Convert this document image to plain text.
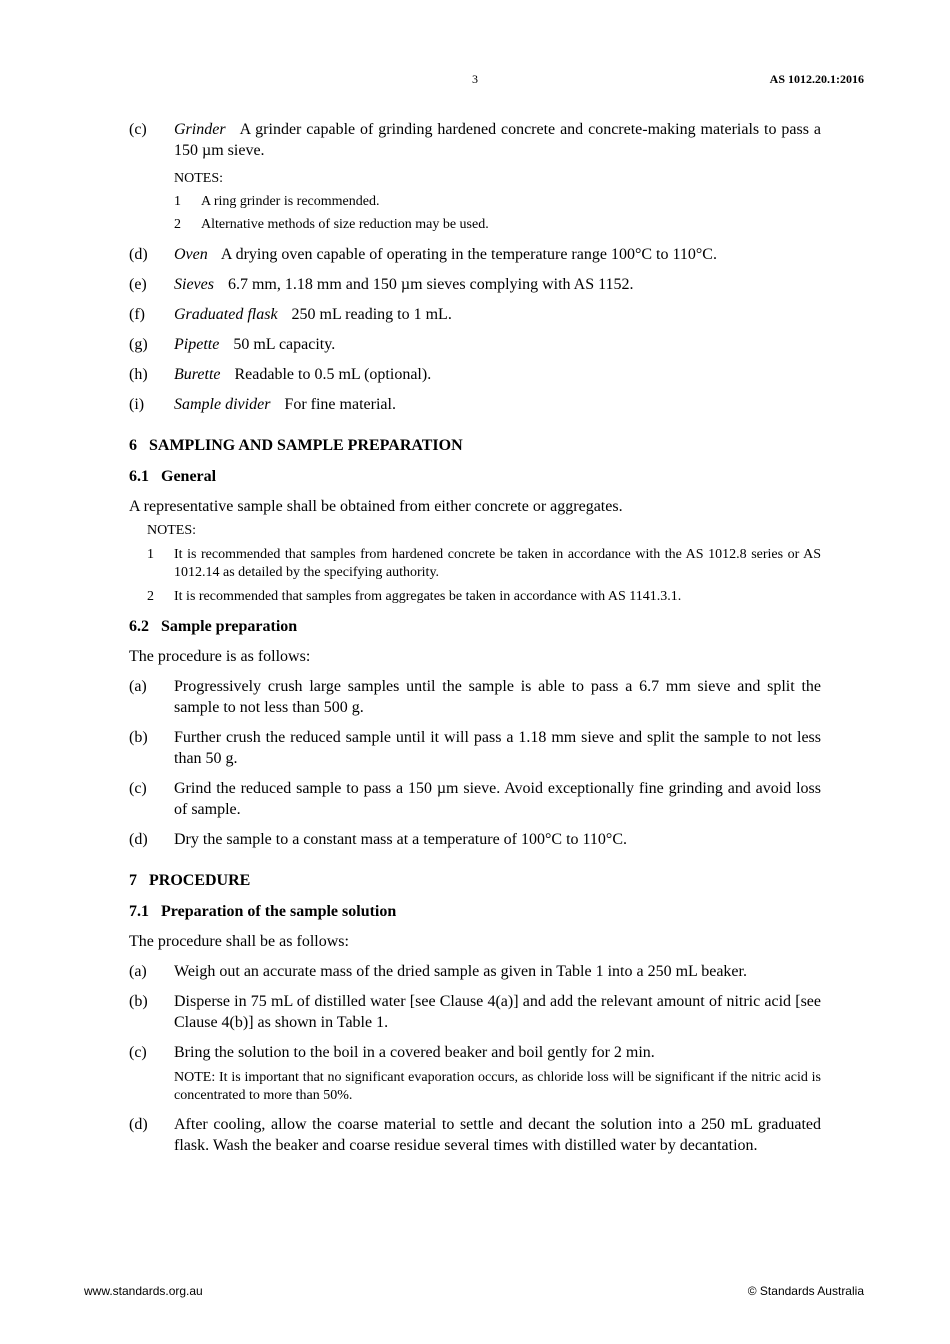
3	AS 1012.20.1:2016
(c) Grinder A grinder capable of grinding hardened concrete and concrete-making materials to pass a 150 µm sieve.
NOTES:
1 A ring grinder is recommended.
2 Alternative methods of size reduction may be used.
(d) Oven A drying oven capable of operating in the temperature range 100°C to 110°C.
(e) Sieves 6.7 mm, 1.18 mm and 150 µm sieves complying with AS 1152.
(f) Graduated flask 250 mL reading to 1 mL.
(g) Pipette 50 mL capacity.
(h) Burette Readable to 0.5 mL (optional).
(i) Sample divider For fine material.
6   SAMPLING AND SAMPLE PREPARATION
6.1   General
A representative sample shall be obtained from either concrete or aggregates.
NOTES:
1 It is recommended that samples from hardened concrete be taken in accordance with the AS 1012.8 series or AS 1012.14 as detailed by the specifying authority.
2 It is recommended that samples from aggregates be taken in accordance with AS 1141.3.1.
6.2   Sample preparation
The procedure is as follows:
(a) Progressively crush large samples until the sample is able to pass a 6.7 mm sieve and split the sample to not less than 500 g.
(b) Further crush the reduced sample until it will pass a 1.18 mm sieve and split the sample to not less than 50 g.
(c) Grind the reduced sample to pass a 150 µm sieve. Avoid exceptionally fine grinding and avoid loss of sample.
(d) Dry the sample to a constant mass at a temperature of 100°C to 110°C.
7   PROCEDURE
7.1   Preparation of the sample solution
The procedure shall be as follows:
(a) Weigh out an accurate mass of the dried sample as given in Table 1 into a 250 mL beaker.
(b) Disperse in 75 mL of distilled water [see Clause 4(a)] and add the relevant amount of nitric acid [see Clause 4(b)] as shown in Table 1.
(c) Bring the solution to the boil in a covered beaker and boil gently for 2 min.
NOTE: It is important that no significant evaporation occurs, as chloride loss will be significant if the nitric acid is concentrated to more than 50%.
(d) After cooling, allow the coarse material to settle and decant the solution into a 250 mL graduated flask. Wash the beaker and coarse residue several times with distilled water by decantation.
www.standards.org.au	© Standards Australia
